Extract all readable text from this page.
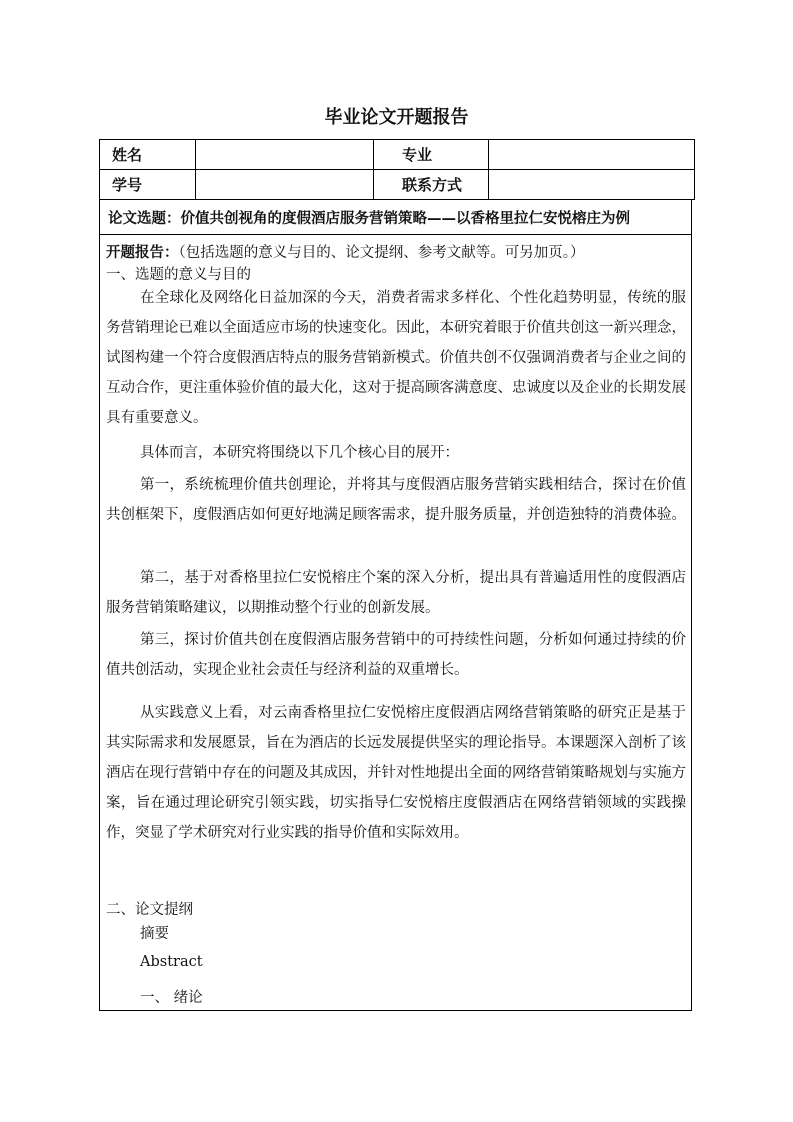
毕业论文开题报告
姓名		专业	
学号		联系方式	
论文选题： 价值共创视角的度假酒店服务营销策略——以香格里拉仁安悦榕庄为例
开题报告：（包括选题的意义与目的、论文提纲、参考文献等。可另加页。）
一、选题的意义与目的

在全球化及网络化日益加深的今天，消费者需求多样化、个性化趋势明显，传统的服务营销理论已难以全面适应市场的快速变化。因此，本研究着眼于价值共创这一新兴理念，试图构建一个符合度假酒店特点的服务营销新模式。价值共创不仅强调消费者与企业之间的互动合作，更注重体验价值的最大化，这对于提高顾客满意度、忠诚度以及企业的长期发展具有重要意义。

具体而言，本研究将围绕以下几个核心目的展开：

第一，系统梳理价值共创理论，并将其与度假酒店服务营销实践相结合，探讨在价值共创框架下，度假酒店如何更好地满足顾客需求，提升服务质量，并创造独特的消费体验。

第二，基于对香格里拉仁安悦榕庄个案的深入分析，提出具有普遍适用性的度假酒店服务营销策略建议，以期推动整个行业的创新发展。

第三，探讨价值共创在度假酒店服务营销中的可持续性问题，分析如何通过持续的价值共创活动，实现企业社会责任与经济利益的双重增长。

从实践意义上看，对云南香格里拉仁安悦榕庄度假酒店网络营销策略的研究正是基于其实际需求和发展愿景，旨在为酒店的长远发展提供坚实的理论指导。本课题深入剖析了该酒店在现行营销中存在的问题及其成因，并针对性地提出全面的网络营销策略规划与实施方案，旨在通过理论研究引领实践，切实指导仁安悦榕庄度假酒店在网络营销领域的实践操作，突显了学术研究对行业实践的指导价值和实际效用。

二、论文提纲
摘要
Abstract
一、 绪论
